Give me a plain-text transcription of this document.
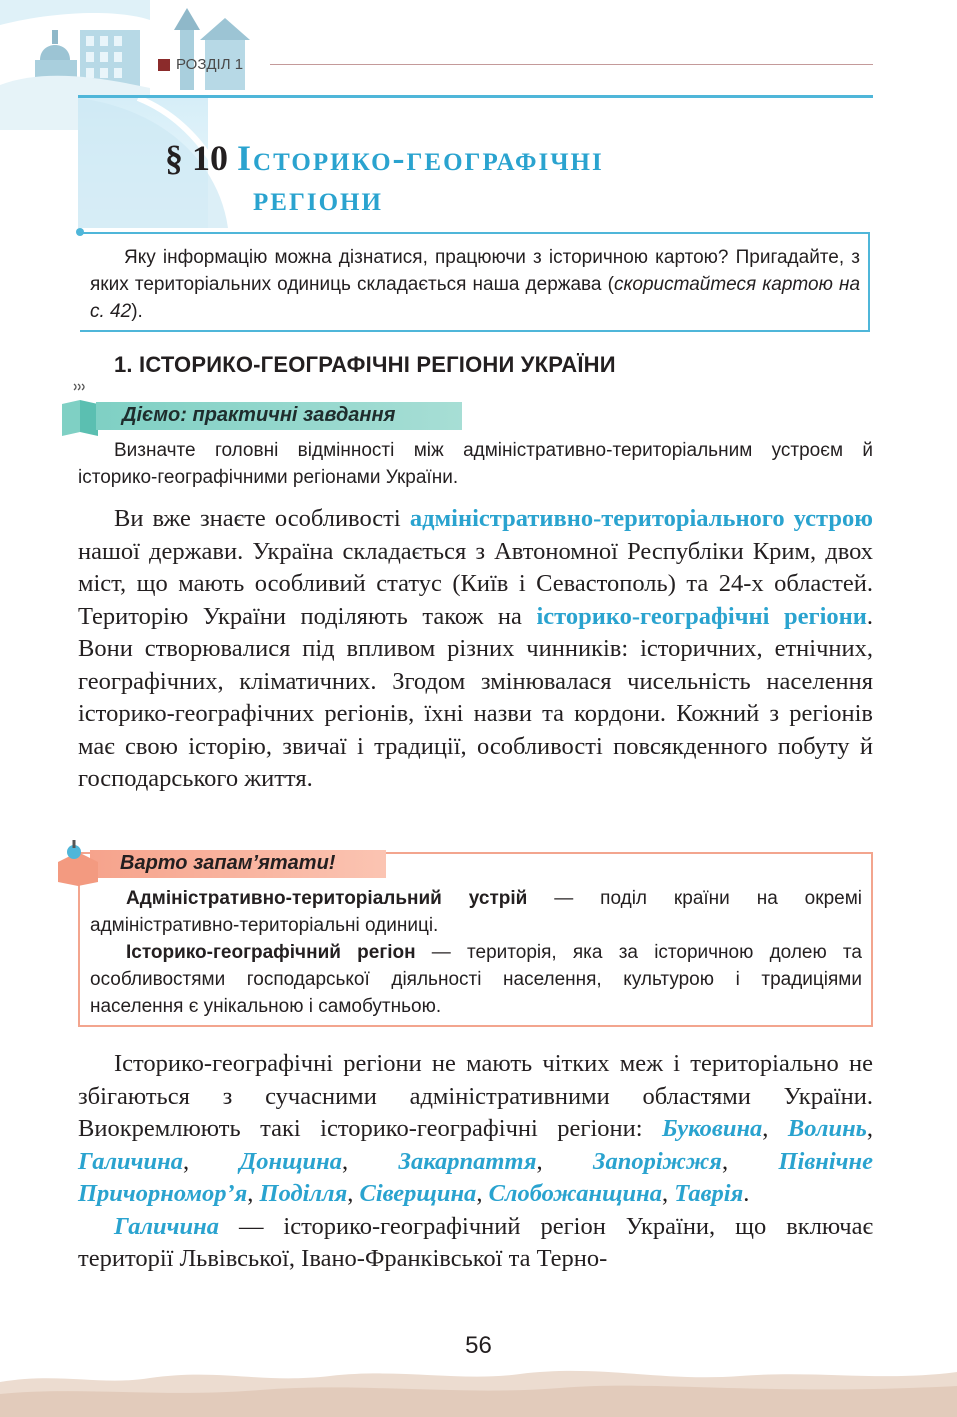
РОЗДІЛ 1
§ 10 Історико-географічні
регіони
Яку інформацію можна дізнатися, працюючи з історичною картою? Пригадайте, з яких територіальних одиниць складається наша держава (скористайтеся картою на с. 42).
1. ІСТОРИКО-ГЕОГРАФІЧНІ РЕГІОНИ УКРАЇНИ
Діємо: практичні завдання
Визначте головні відмінності між адміністративно-територіальним устроєм й історико-географічними регіонами України.

Ви вже знаєте особливості адміністративно-територіального устрою нашої держави. Україна складається з Автономної Республіки Крим, двох міст, що мають особливий статус (Київ і Севастополь) та 24-х областей. Територію України поділяють також на історико-географічні регіони. Вони створювалися під впливом різних чинників: історичних, етнічних, географічних, кліматичних. Згодом змінювалася чисельність населення історико-географічних регіонів, їхні назви та кордони. Кожний з регіонів має свою історію, звичаї і традиції, особливості повсякденного побуту й господарського життя.

Варто запам’ятати!

Адміністративно-територіальний устрій — поділ країни на окремі адміністративно-територіальні одиниці.

Історико-географічний регіон — територія, яка за історичною долею та особливостями господарської діяльності населення, культурою і традиціями населення є унікальною і самобутньою.

Історико-географічні регіони не мають чітких меж і територіально не збігаються з сучасними адміністративними областями України. Виокремлюють такі історико-географічні регіони: Буковина, Волинь, Галичина, Донщина, Закарпаття, Запоріжжя, Північне Причорномор’я, Поділля, Сіверщина, Слобожанщина, Таврія.

Галичина — історико-географічний регіон України, що включає території Львівської, Івано-Франківської та Терно-

56
